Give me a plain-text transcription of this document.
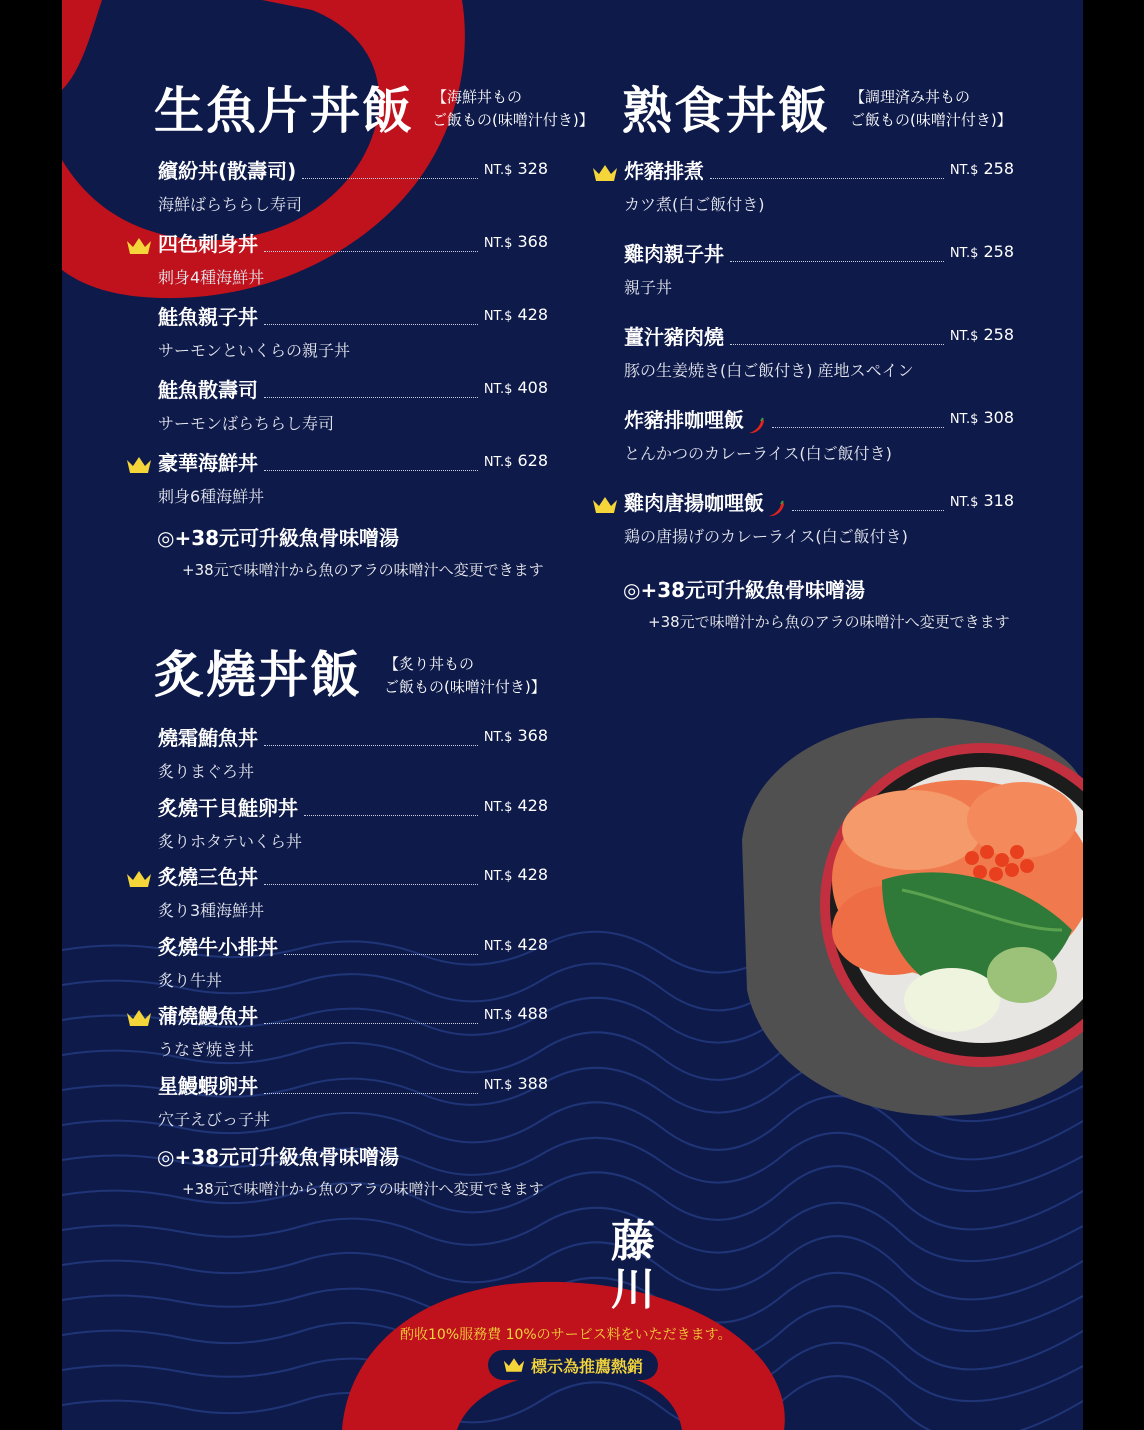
生魚片丼飯 【海鮮丼もの
ご飯もの(味噌汁付き)】
繽紛丼(散壽司)	NT.$ 328
海鮮ばらちらし寿司
四色刺身丼	NT.$ 368
刺身4種海鮮丼
鮭魚親子丼	NT.$ 428
サーモンといくらの親子丼
鮭魚散壽司	NT.$ 408
サーモンばらちらし寿司
豪華海鮮丼	NT.$ 628
刺身6種海鮮丼
◎+38元可升級魚骨味噌湯
+38元で味噌汁から魚のアラの味噌汁へ変更できます
熟食丼飯 【調理済み丼もの
ご飯もの(味噌汁付き)】
炸豬排煮	NT.$ 258
カツ煮(白ご飯付き)
雞肉親子丼	NT.$ 258
親子丼
薑汁豬肉燒	NT.$ 258
豚の生姜焼き(白ご飯付き) 産地スペイン
炸豬排咖哩飯	NT.$ 308
とんかつのカレーライス(白ご飯付き)
雞肉唐揚咖哩飯	NT.$ 318
鶏の唐揚げのカレーライス(白ご飯付き)
◎+38元可升級魚骨味噌湯
+38元で味噌汁から魚のアラの味噌汁へ変更できます
炙燒丼飯 【炙り丼もの
ご飯もの(味噌汁付き)】
燒霜鮪魚丼	NT.$ 368
炙りまぐろ丼
炙燒干貝鮭卵丼	NT.$ 428
炙りホタテいくら丼
炙燒三色丼	NT.$ 428
炙り3種海鮮丼
炙燒牛小排丼	NT.$ 428
炙り牛丼
蒲燒鰻魚丼	NT.$ 488
うなぎ焼き丼
星鰻蝦卵丼	NT.$ 388
穴子えびっ子丼
◎+38元可升級魚骨味噌湯
+38元で味噌汁から魚のアラの味噌汁へ変更できます
藤川
酌收10%服務費 10%のサービス料をいただきます。
標示為推薦熱銷
